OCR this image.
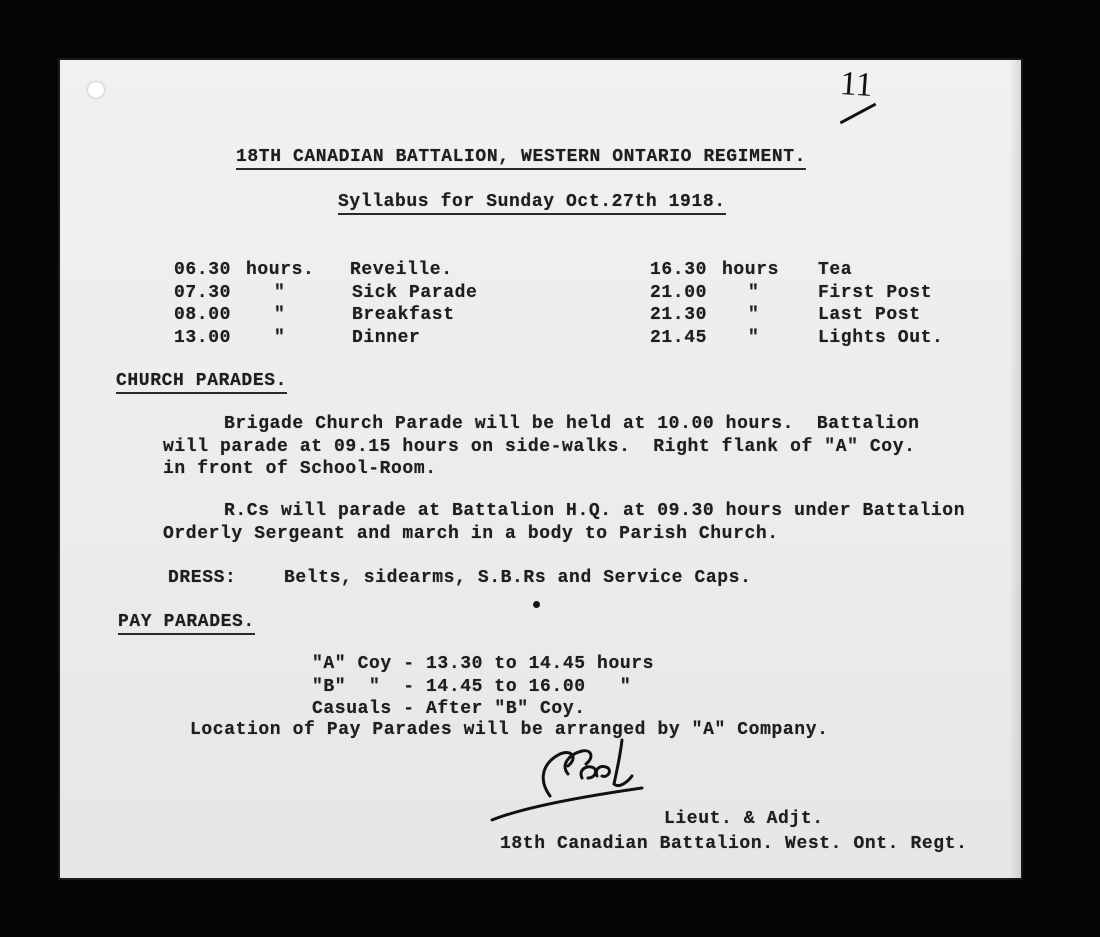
11
18TH CANADIAN BATTALION, WESTERN ONTARIO REGIMENT.
Syllabus for Sunday Oct.27th 1918.
06.30 hours. Reveille.
07.30 "	Sick Parade
08.00 "	Breakfast
13.00 "	Dinner
16.30 hours Tea
21.00 "	First Post
21.30 "	Last Post
21.45 "	Lights Out.
CHURCH PARADES.
Brigade Church Parade will be held at 10.00 hours.  Battalion
will parade at 09.15 hours on side-walks.  Right flank of "A" Coy.
in front of School-Room.
R.Cs will parade at Battalion H.Q. at 09.30 hours under Battalion
Orderly Sergeant and march in a body to Parish Church.
DRESS:	Belts, sidearms, S.B.Rs and Service Caps.
PAY PARADES.
"A" Coy - 13.30 to 14.45 hours
"B"  "  - 14.45 to 16.00   "
Casuals - After "B" Coy.
Location of Pay Parades will be arranged by "A" Company.
Lieut. & Adjt.
18th Canadian Battalion. West. Ont. Regt.
